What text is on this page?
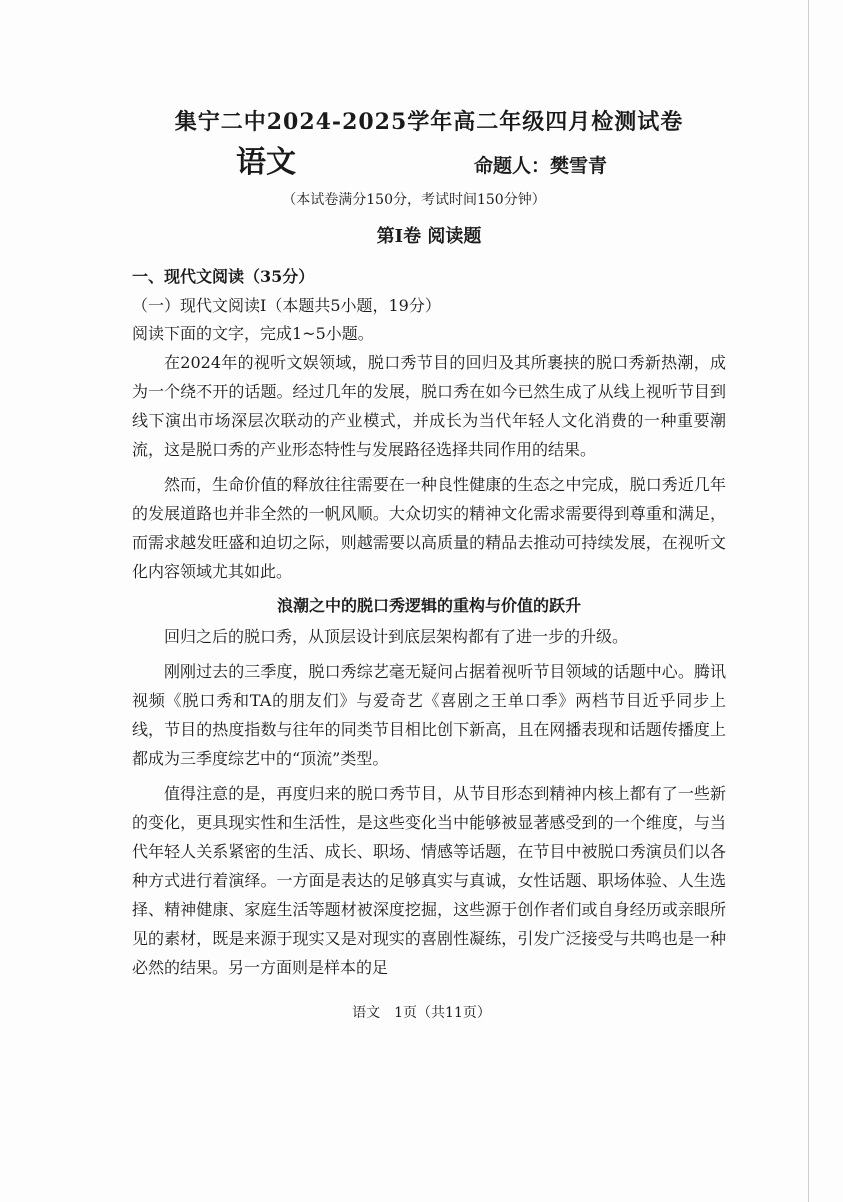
集宁二中2024-2025学年高二年级四月检测试卷
语文	命题人：樊雪青
（本试卷满分150分，考试时间150分钟）
第Ⅰ卷 阅读题
一、现代文阅读（35分）
（一）现代文阅读Ⅰ（本题共5小题，19分）
阅读下面的文字，完成1~5小题。

在2024年的视听文娱领域，脱口秀节目的回归及其所裹挟的脱口秀新热潮，成为一个绕不开的话题。经过几年的发展，脱口秀在如今已然生成了从线上视听节目到线下演出市场深层次联动的产业模式，并成长为当代年轻人文化消费的一种重要潮流，这是脱口秀的产业形态特性与发展路径选择共同作用的结果。

然而，生命价值的释放往往需要在一种良性健康的生态之中完成，脱口秀近几年的发展道路也并非全然的一帆风顺。大众切实的精神文化需求需要得到尊重和满足，而需求越发旺盛和迫切之际，则越需要以高质量的精品去推动可持续发展，在视听文化内容领域尤其如此。

浪潮之中的脱口秀逻辑的重构与价值的跃升

回归之后的脱口秀，从顶层设计到底层架构都有了进一步的升级。

刚刚过去的三季度，脱口秀综艺毫无疑问占据着视听节目领域的话题中心。腾讯视频《脱口秀和TA的朋友们》与爱奇艺《喜剧之王单口季》两档节目近乎同步上线，节目的热度指数与往年的同类节目相比创下新高，且在网播表现和话题传播度上都成为三季度综艺中的“顶流”类型。

值得注意的是，再度归来的脱口秀节目，从节目形态到精神内核上都有了一些新的变化，更具现实性和生活性，是这些变化当中能够被显著感受到的一个维度，与当代年轻人关系紧密的生活、成长、职场、情感等话题，在节目中被脱口秀演员们以各种方式进行着演绎。一方面是表达的足够真实与真诚，女性话题、职场体验、人生选择、精神健康、家庭生活等题材被深度挖掘，这些源于创作者们或自身经历或亲眼所见的素材，既是来源于现实又是对现实的喜剧性凝练，引发广泛接受与共鸣也是一种必然的结果。另一方面则是样本的足

语文　1页（共11页）
